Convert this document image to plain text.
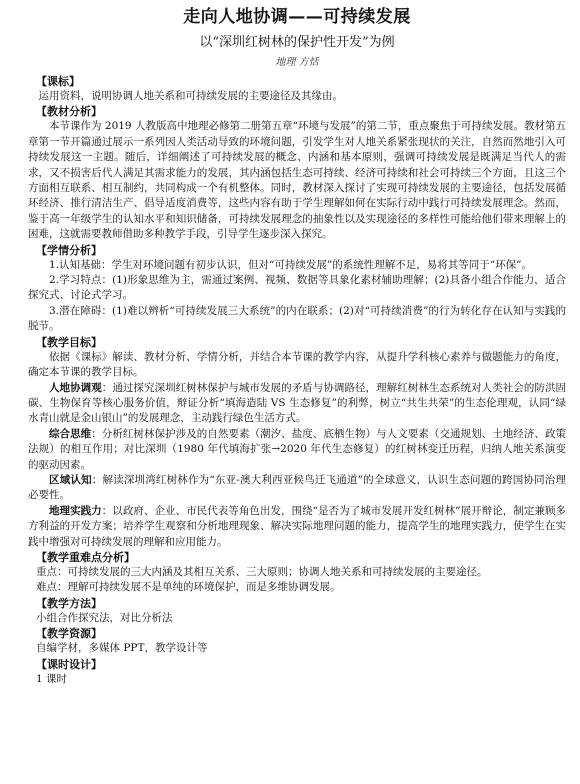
走向人地协调——可持续发展
以“深圳红树林的保护性开发”为例
地理 方恬

【课标】

运用资料，说明协调人地关系和可持续发展的主要途径及其缘由。

【教材分析】

本节课作为 2019 人教版高中地理必修第二册第五章“环境与发展”的第二节，重点聚焦于可持续发展。教材第五章第一节开篇通过展示一系列因人类活动导致的环境问题，引发学生对人地关系紧张现状的关注，自然而然地引入可持续发展这一主题。随后，详细阐述了可持续发展的概念、内涵和基本原则，强调可持续发展是既满足当代人的需求，又不损害后代人满足其需求能力的发展，其内涵包括生态可持续、经济可持续和社会可持续三个方面，且这三个方面相互联系、相互制约，共同构成一个有机整体。同时，教材深入探讨了实现可持续发展的主要途径，包括发展循环经济、推行清洁生产、倡导适度消费等，这些内容有助于学生理解如何在实际行动中践行可持续发展理念。然而，鉴于高一年级学生的认知水平和知识储备，可持续发展理念的抽象性以及实现途径的多样性可能给他们带来理解上的困难，这就需要教师借助多种教学手段，引导学生逐步深入探究。

【学情分析】

1.认知基础：学生对环境问题有初步认识，但对“可持续发展”的系统性理解不足，易将其等同于“环保”。

2.学习特点：(1)形象思维为主，需通过案例、视频、数据等具象化素材辅助理解；(2)具备小组合作能力，适合探究式、讨论式学习。

3.潜在障碍：(1)难以辨析“可持续发展三大系统”的内在联系；(2)对“可持续消费”的行为转化存在认知与实践的脱节。

【教学目标】

依据《课标》解读、教材分析、学情分析，并结合本节课的教学内容，从提升学科核心素养与做题能力的角度，确定本节课的教学目标。

人地协调观：通过探究深圳红树林保护与城市发展的矛盾与协调路径，理解红树林生态系统对人类社会的防洪固碳、生物保育等核心服务价值，辩证分析“填海造陆 VS 生态修复”的利弊，树立“共生共荣”的生态伦理观，认同“绿水青山就是金山银山”的发展理念，主动践行绿色生活方式。

综合思维：分析红树林保护涉及的自然要素（潮汐、盐度、底栖生物）与人文要素（交通规划、土地经济、政策法规）的相互作用；对比深圳（1980 年代填海扩张→2020 年代生态修复）的红树林变迁历程，归纳人地关系演变的驱动因素。

区域认知：解读深圳湾红树林作为“东亚-澳大利西亚候鸟迁飞通道”的全球意义，认识生态问题的跨国协同治理必要性。

地理实践力：以政府、企业、市民代表等角色出发，围绕“是否为了城市发展开发红树林”展开辩论，制定兼顾多方利益的开发方案；培养学生观察和分析地理现象、解决实际地理问题的能力，提高学生的地理实践力，使学生在实践中增强对可持续发展的理解和应用能力。

【教学重难点分析】

重点：可持续发展的三大内涵及其相互关系、三大原则；协调人地关系和可持续发展的主要途径。

难点：理解可持续发展不是单纯的环境保护，而是多维协调发展。

【教学方法】

小组合作探究法，对比分析法

【教学资源】

自编学材，多媒体 PPT，教学设计等

【课时设计】

1 课时
